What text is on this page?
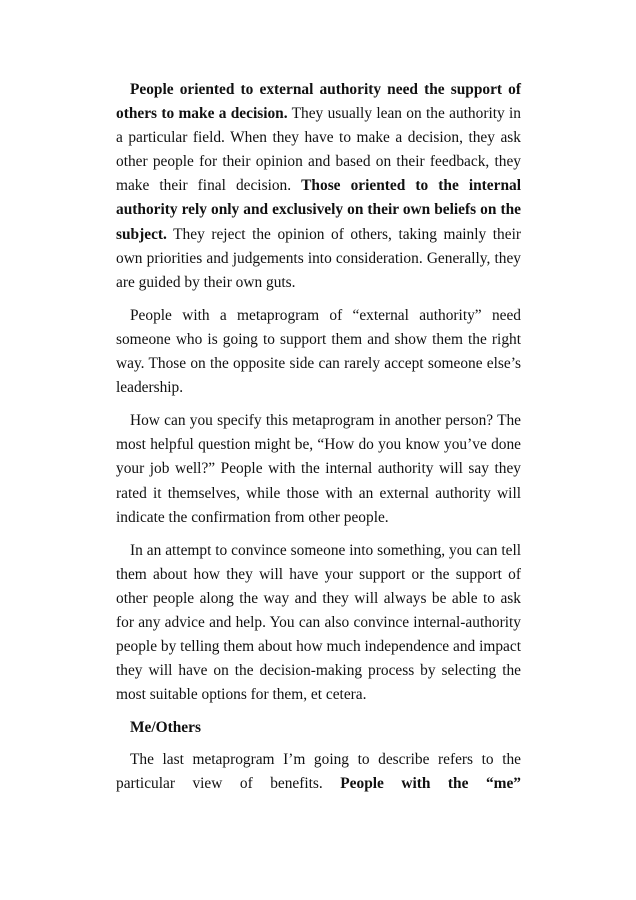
People oriented to external authority need the support of others to make a decision. They usually lean on the authority in a particular field. When they have to make a decision, they ask other people for their opinion and based on their feedback, they make their final decision. Those oriented to the internal authority rely only and exclusively on their own beliefs on the subject. They reject the opinion of others, taking mainly their own priorities and judgements into consideration. Generally, they are guided by their own guts.

People with a metaprogram of “external authority” need someone who is going to support them and show them the right way. Those on the opposite side can rarely accept someone else’s leadership.

How can you specify this metaprogram in another person? The most helpful question might be, “How do you know you’ve done your job well?” People with the internal authority will say they rated it themselves, while those with an external authority will indicate the confirmation from other people.

In an attempt to convince someone into something, you can tell them about how they will have your support or the support of other people along the way and they will always be able to ask for any advice and help. You can also convince internal-authority people by telling them about how much independence and impact they will have on the decision-making process by selecting the most suitable options for them, et cetera.

Me/Others

The last metaprogram I’m going to describe refers to the particular view of benefits. People with the “me”
